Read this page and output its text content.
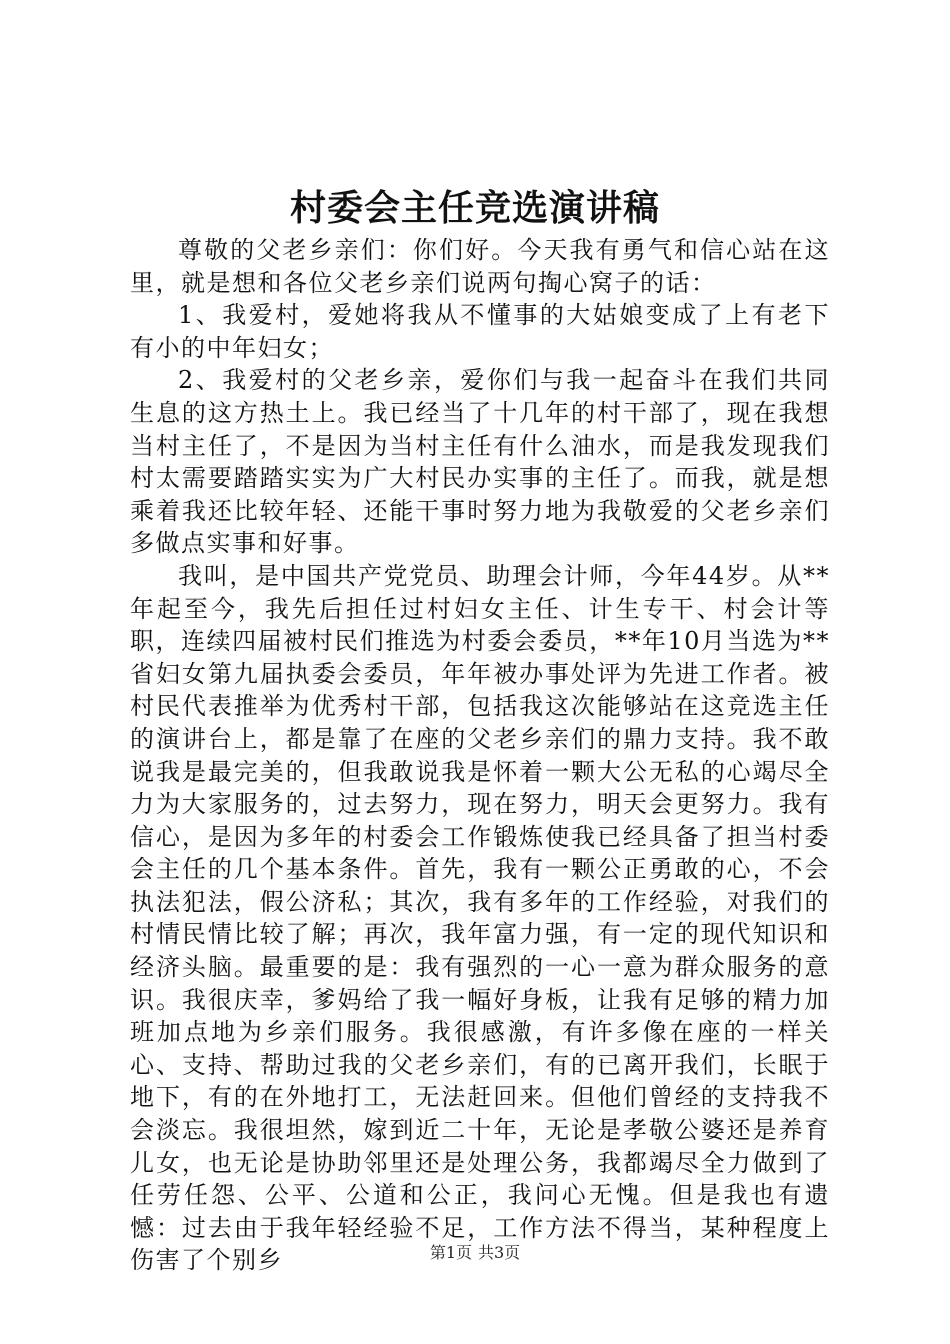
村委会主任竞选演讲稿

尊敬的父老乡亲们：你们好。今天我有勇气和信心站在这里，就是想和各位父老乡亲们说两句掏心窝子的话：

1、我爱村，爱她将我从不懂事的大姑娘变成了上有老下有小的中年妇女；

2、我爱村的父老乡亲，爱你们与我一起奋斗在我们共同生息的这方热土上。我已经当了十几年的村干部了，现在我想当村主任了，不是因为当村主任有什么油水，而是我发现我们村太需要踏踏实实为广大村民办实事的主任了。而我，就是想乘着我还比较年轻、还能干事时努力地为我敬爱的父老乡亲们多做点实事和好事。

我叫，是中国共产党党员、助理会计师，今年44岁。从**年起至今，我先后担任过村妇女主任、计生专干、村会计等职，连续四届被村民们推选为村委会委员，**年10月当选为**省妇女第九届执委会委员，年年被办事处评为先进工作者。被村民代表推举为优秀村干部，包括我这次能够站在这竞选主任的演讲台上，都是靠了在座的父老乡亲们的鼎力支持。我不敢说我是最完美的，但我敢说我是怀着一颗大公无私的心竭尽全力为大家服务的，过去努力，现在努力，明天会更努力。我有信心，是因为多年的村委会工作锻炼使我已经具备了担当村委会主任的几个基本条件。首先，我有一颗公正勇敢的心，不会执法犯法，假公济私；其次，我有多年的工作经验，对我们的村情民情比较了解；再次，我年富力强，有一定的现代知识和经济头脑。最重要的是：我有强烈的一心一意为群众服务的意识。我很庆幸，爹妈给了我一幅好身板，让我有足够的精力加班加点地为乡亲们服务。我很感激，有许多像在座的一样关心、支持、帮助过我的父老乡亲们，有的已离开我们，长眠于地下，有的在外地打工，无法赶回来。但他们曾经的支持我不会淡忘。我很坦然，嫁到近二十年，无论是孝敬公婆还是养育儿女，也无论是协助邻里还是处理公务，我都竭尽全力做到了任劳任怨、公平、公道和公正，我问心无愧。但是我也有遗憾：过去由于我年轻经验不足，工作方法不得当，某种程度上伤害了个别乡	第1页 共3页
